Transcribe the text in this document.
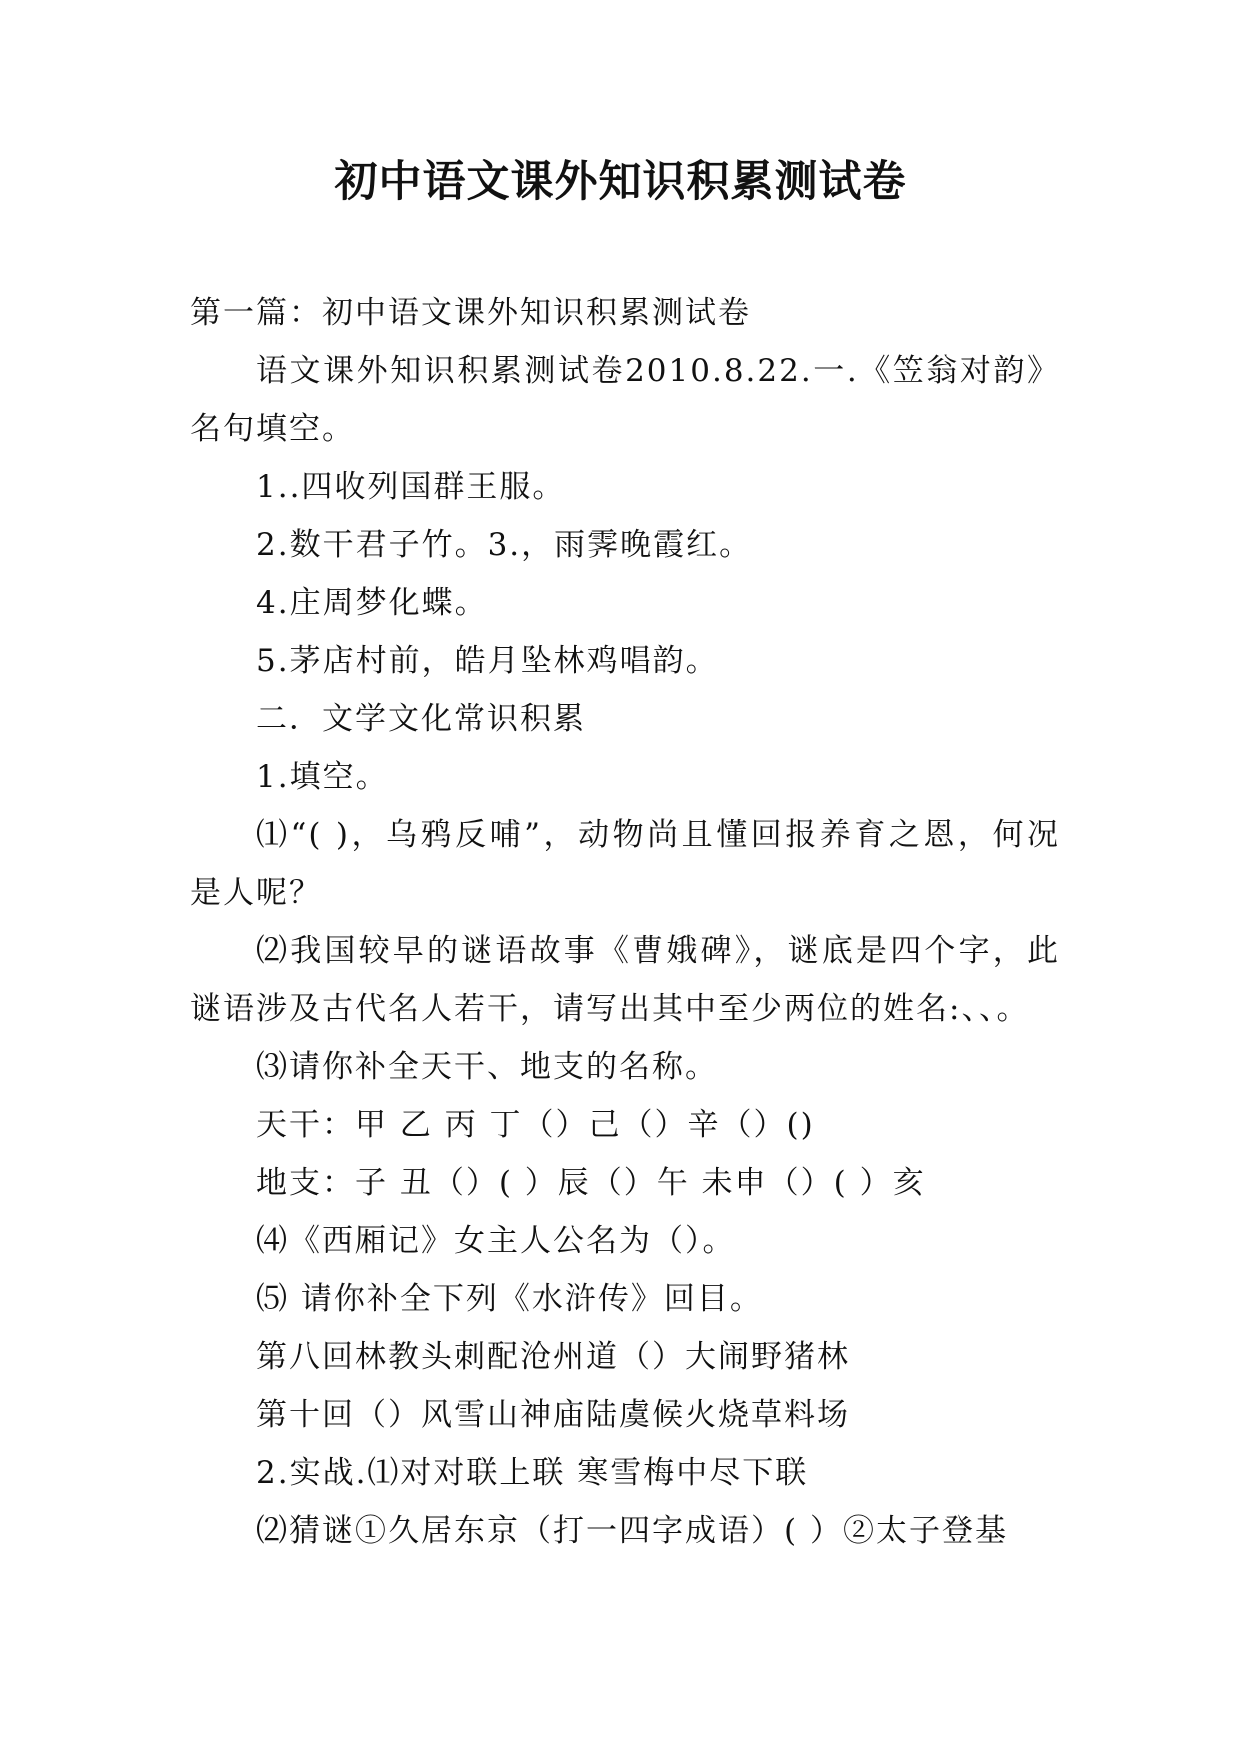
初中语文课外知识积累测试卷
第一篇：初中语文课外知识积累测试卷
语文课外知识积累测试卷2010.8.22.一.《笠翁对韵》
名句填空。
1..四收列国群王服。
2.数干君子竹。3.，雨霁晚霞红。
4.庄周梦化蝶。
5.茅店村前，皓月坠林鸡唱韵。
二．文学文化常识积累
1.填空。
⑴“( )，乌鸦反哺”，动物尚且懂回报养育之恩，何况
是人呢？
⑵我国较早的谜语故事《曹娥碑》，谜底是四个字，此
谜语涉及古代名人若干，请写出其中至少两位的姓名:、、。
⑶请你补全天干、地支的名称。
天干：甲 乙 丙 丁（）己（）辛（）()
地支：子 丑（）( ）辰（）午 未申（）( ）亥
⑷《西厢记》女主人公名为（）。
⑸ 请你补全下列《水浒传》回目。
第八回林教头刺配沧州道（）大闹野猪林
第十回（）风雪山神庙陆虞候火烧草料场
2.实战.⑴对对联上联 寒雪梅中尽下联
⑵猜谜①久居东京（打一四字成语）( ）②太子登基
